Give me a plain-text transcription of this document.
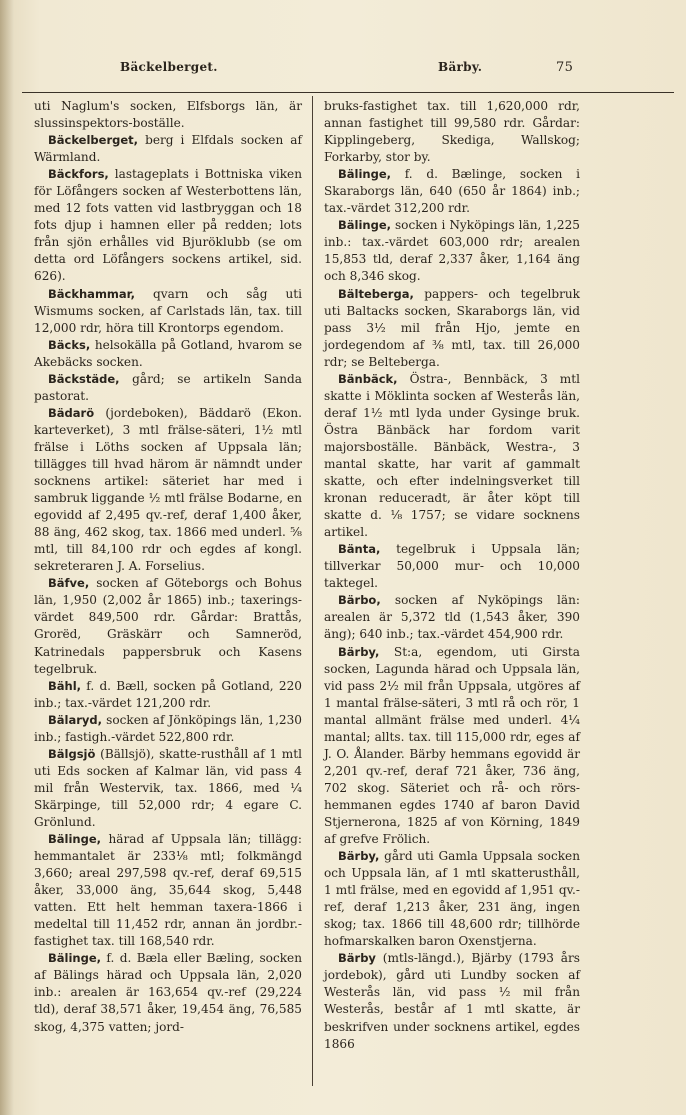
Bäckelberget.	Bärby.	75

uti Naglum's socken, Elfsborgs län, är slussinspektors-boställe.

Bäckelberget, berg i Elfdals socken af Wärmland.

Bäckfors, lastageplats i Bottniska viken för Löfångers socken af Westerbottens län, med 12 fots vatten vid lastbryggan och 18 fots djup i hamnen eller på redden; lots från sjön erhålles vid Bjuröklubb (se om detta ord Löfångers sockens artikel, sid. 626).

Bäckhammar, qvarn och såg uti Wismums socken, af Carlstads län, tax. till 12,000 rdr, höra till Krontorps egendom.

Bäcks, helsokälla på Gotland, hvarom se Akebäcks socken.

Bäckstäde, gård; se artikeln Sanda pastorat.

Bädarö (jordeboken), Bäddarö (Ekon. karteverket), 3 mtl frälse-säteri, 1½ mtl frälse i Löths socken af Uppsala län; tillägges till hvad härom är nämndt under socknens artikel: säteriet har med i sambruk liggande ½ mtl frälse Bodarne, en egovidd af 2,495 qv.-ref, deraf 1,400 åker, 88 äng, 462 skog, tax. 1866 med underl. ⅝ mtl, till 84,100 rdr och egdes af kongl. sekreteraren J. A. Forselius.

Bäfve, socken af Göteborgs och Bohus län, 1,950 (2,002 år 1865) inb.; taxerings-värdet 849,500 rdr. Gårdar: Brattås, Grorëd, Gräskärr och Samneröd, Katrinedals pappersbruk och Kasens tegelbruk.

Bähl, f. d. Bæll, socken på Gotland, 220 inb.; tax.-värdet 121,200 rdr.

Bälaryd, socken af Jönköpings län, 1,230 inb.; fastigh.-värdet 522,800 rdr.

Bälgsjö (Bällsjö), skatte-rusthåll af 1 mtl uti Eds socken af Kalmar län, vid pass 4 mil från Westervik, tax. 1866, med ¼ Skärpinge, till 52,000 rdr; 4 egare C. Grönlund.

Bälinge, härad af Uppsala län; tillägg: hemmantalet är 233⅛ mtl; folkmängd 3,660; areal 297,598 qv.-ref, deraf 69,515 åker, 33,000 äng, 35,644 skog, 5,448 vatten. Ett helt hemman taxera-1866 i medeltal till 11,452 rdr, annan än jordbr.-fastighet tax. till 168,540 rdr.

Bälinge, f. d. Bæla eller Bæling, socken af Bälings härad och Uppsala län, 2,020 inb.: arealen är 163,654 qv.-ref (29,224 tld), deraf 38,571 åker, 19,454 äng, 76,585 skog, 4,375 vatten; jord-

bruks-fastighet tax. till 1,620,000 rdr, annan fastighet till 99,580 rdr. Gårdar: Kipplingeberg, Skediga, Wallskog; Forkarby, stor by.

Bälinge, f. d. Bælinge, socken i Skaraborgs län, 640 (650 år 1864) inb.; tax.-värdet 312,200 rdr.

Bälinge, socken i Nyköpings län, 1,225 inb.: tax.-värdet 603,000 rdr; arealen 15,853 tld, deraf 2,337 åker, 1,164 äng och 8,346 skog.

Bälteberga, pappers- och tegelbruk uti Baltacks socken, Skaraborgs län, vid pass 3½ mil från Hjo, jemte en jordegendom af ⅜ mtl, tax. till 26,000 rdr; se Belteberga.

Bänbäck, Östra-, Bennbäck, 3 mtl skatte i Möklinta socken af Westerås län, deraf 1½ mtl lyda under Gysinge bruk. Östra Bänbäck har fordom varit majorsboställe. Bänbäck, Westra-, 3 mantal skatte, har varit af gammalt skatte, och efter indelningsverket till kronan reduceradt, är åter köpt till skatte d. ¹⁄₈ 1757; se vidare socknens artikel.

Bänta, tegelbruk i Uppsala län; tillverkar 50,000 mur- och 10,000 taktegel.

Bärbo, socken af Nyköpings län: arealen är 5,372 tld (1,543 åker, 390 äng); 640 inb.; tax.-värdet 454,900 rdr.

Bärby, St:a, egendom, uti Girsta socken, Lagunda härad och Uppsala län, vid pass 2½ mil från Uppsala, utgöres af 1 mantal frälse-säteri, 3 mtl rå och rör, 1 mantal allmänt frälse med underl. 4¼ mantal; allts. tax. till 115,000 rdr, eges af J. O. Ålander. Bärby hemmans egovidd är 2,201 qv.-ref, deraf 721 åker, 736 äng, 702 skog. Säteriet och rå- och rörs-hemmanen egdes 1740 af baron David Stjernerona, 1825 af von Körning, 1849 af grefve Frölich.

Bärby, gård uti Gamla Uppsala socken och Uppsala län, af 1 mtl skatterusthåll, 1 mtl frälse, med en egovidd af 1,951 qv.-ref, deraf 1,213 åker, 231 äng, ingen skog; tax. 1866 till 48,600 rdr; tillhörde hofmarskalken baron Oxenstjerna.

Bärby (mtls-längd.), Bjärby (1793 års jordebok), gård uti Lundby socken af Westerås län, vid pass ½ mil från Westerås, består af 1 mtl skatte, är beskrifven under socknens artikel, egdes 1866
